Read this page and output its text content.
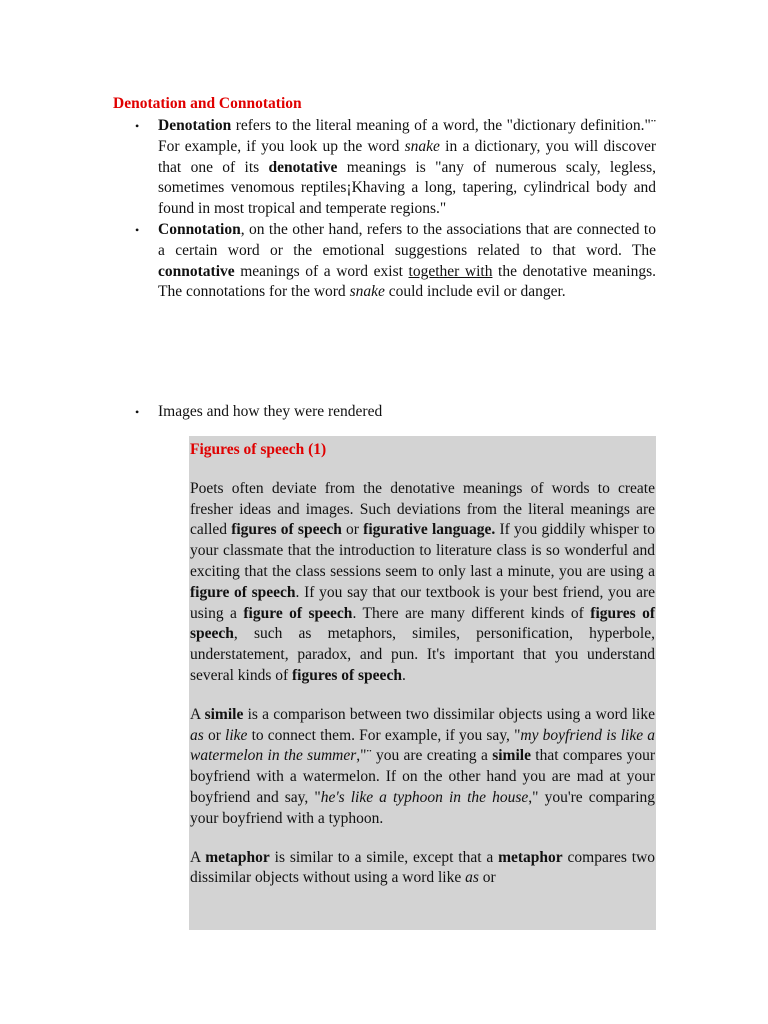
Denotation and Connotation
• Denotation refers to the literal meaning of a word, the "dictionary definition."¨ For example, if you look up the word snake in a dictionary, you will discover that one of its denotative meanings is "any of numerous scaly, legless, sometimes venomous reptiles¡Khaving a long, tapering, cylindrical body and found in most tropical and temperate regions."
• Connotation, on the other hand, refers to the associations that are connected to a certain word or the emotional suggestions related to that word. The connotative meanings of a word exist together with the denotative meanings. The connotations for the word snake could include evil or danger.
• Images and how they were rendered
Figures of speech (1)

Poets often deviate from the denotative meanings of words to create fresher ideas and images. Such deviations from the literal meanings are called figures of speech or figurative language. If you giddily whisper to your classmate that the introduction to literature class is so wonderful and exciting that the class sessions seem to only last a minute, you are using a figure of speech. If you say that our textbook is your best friend, you are using a figure of speech. There are many different kinds of figures of speech, such as metaphors, similes, personification, hyperbole, understatement, paradox, and pun. It's important that you understand several kinds of figures of speech.

A simile is a comparison between two dissimilar objects using a word like as or like to connect them. For example, if you say, "my boyfriend is like a watermelon in the summer,"¨ you are creating a simile that compares your boyfriend with a watermelon. If on the other hand you are mad at your boyfriend and say, "he's like a typhoon in the house," you're comparing your boyfriend with a typhoon.

A metaphor is similar to a simile, except that a metaphor compares two dissimilar objects without using a word like as or
